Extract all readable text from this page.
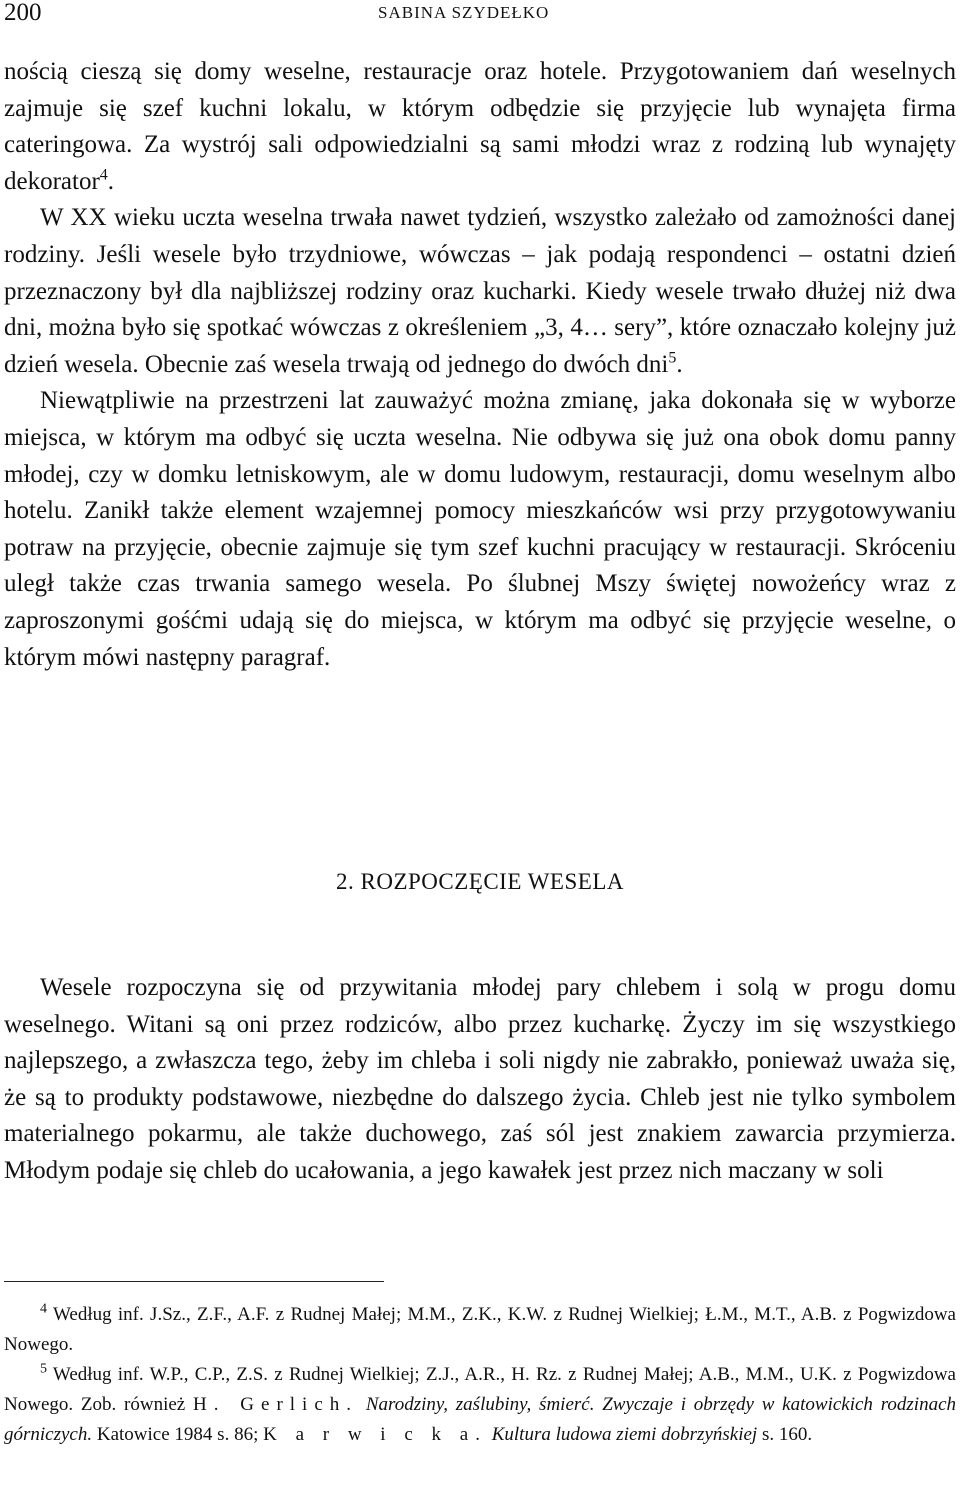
200	SABINA SZYDEŁKO

nością cieszą się domy weselne, restauracje oraz hotele. Przygotowaniem dań weselnych zajmuje się szef kuchni lokalu, w którym odbędzie się przyjęcie lub wynajęta firma cateringowa. Za wystrój sali odpowiedzialni są sami młodzi wraz z rodziną lub wynajęty dekorator$^4$.

W XX wieku uczta weselna trwała nawet tydzień, wszystko zależało od zamożności danej rodziny. Jeśli wesele było trzydniowe, wówczas – jak podają respondenci – ostatni dzień przeznaczony był dla najbliższej rodziny oraz kucharki. Kiedy wesele trwało dłużej niż dwa dni, można było się spotkać wówczas z określeniem „3, 4… sery”, które oznaczało kolejny już dzień wesela. Obecnie zaś wesela trwają od jednego do dwóch dni$^5$.

Niewątpliwie na przestrzeni lat zauważyć można zmianę, jaka dokonała się w wyborze miejsca, w którym ma odbyć się uczta weselna. Nie odbywa się już ona obok domu panny młodej, czy w domku letniskowym, ale w domu ludowym, restauracji, domu weselnym albo hotelu. Zanikł także element wzajemnej pomocy mieszkańców wsi przy przygotowywaniu potraw na przyjęcie, obecnie zajmuje się tym szef kuchni pracujący w restauracji. Skróceniu uległ także czas trwania samego wesela. Po ślubnej Mszy świętej nowożeńcy wraz z zaproszonymi gośćmi udają się do miejsca, w którym ma odbyć się przyjęcie weselne, o którym mówi następny paragraf.

2. ROZPOCZĘCIE WESELA

Wesele rozpoczyna się od przywitania młodej pary chlebem i solą w progu domu weselnego. Witani są oni przez rodziców, albo przez kucharkę. Życzy im się wszystkiego najlepszego, a zwłaszcza tego, żeby im chleba i soli nigdy nie zabrakło, ponieważ uważa się, że są to produkty podstawowe, niezbędne do dalszego życia. Chleb jest nie tylko symbolem materialnego pokarmu, ale także duchowego, zaś sól jest znakiem zawarcia przymierza. Młodym podaje się chleb do ucałowania, a jego kawałek jest przez nich maczany w soli

$^4$ Według inf. J.Sz., Z.F., A.F. z Rudnej Małej; M.M., Z.K., K.W. z Rudnej Wielkiej; Ł.M., M.T., A.B. z Pogwizdowa Nowego.

$^5$ Według inf. W.P., C.P., Z.S. z Rudnej Wielkiej; Z.J., A.R., H. Rz. z Rudnej Małej; A.B., M.M., U.K. z Pogwizdowa Nowego. Zob. również H. Gerlich. Narodziny, zaślubiny, śmierć. Zwyczaje i obrzędy w katowickich rodzinach górniczych. Katowice 1984 s. 86; K a r w i c k a. Kultura ludowa ziemi dobrzyńskiej s. 160.
